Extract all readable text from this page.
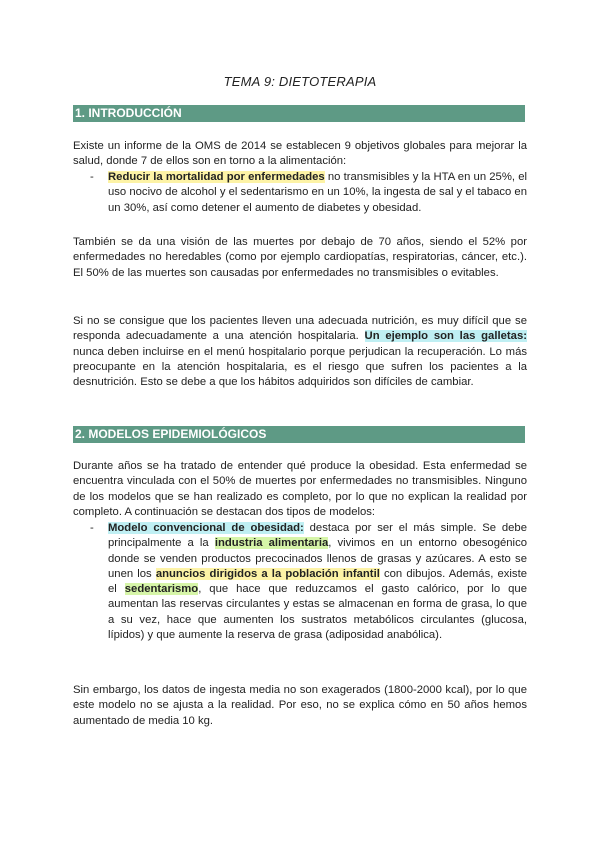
TEMA 9: DIETOTERAPIA
1. INTRODUCCIÓN

Existe un informe de la OMS de 2014 se establecen 9 objetivos globales para mejorar la salud, donde 7 de ellos son en torno a la alimentación:

- Reducir la mortalidad por enfermedades no transmisibles y la HTA en un 25%, el uso nocivo de alcohol y el sedentarismo en un 10%, la ingesta de sal y el tabaco en un 30%, así como detener el aumento de diabetes y obesidad.

También se da una visión de las muertes por debajo de 70 años, siendo el 52% por enfermedades no heredables (como por ejemplo cardiopatías, respiratorias, cáncer, etc.). El 50% de las muertes son causadas por enfermedades no transmisibles o evitables.

Si no se consigue que los pacientes lleven una adecuada nutrición, es muy difícil que se responda adecuadamente a una atención hospitalaria. Un ejemplo son las galletas: nunca deben incluirse en el menú hospitalario porque perjudican la recuperación. Lo más preocupante en la atención hospitalaria, es el riesgo que sufren los pacientes a la desnutrición. Esto se debe a que los hábitos adquiridos son difíciles de cambiar.

2. MODELOS EPIDEMIOLÓGICOS

Durante años se ha tratado de entender qué produce la obesidad. Esta enfermedad se encuentra vinculada con el 50% de muertes por enfermedades no transmisibles. Ninguno de los modelos que se han realizado es completo, por lo que no explican la realidad por completo. A continuación se destacan dos tipos de modelos:

- Modelo convencional de obesidad: destaca por ser el más simple. Se debe principalmente a la industria alimentaria, vivimos en un entorno obesogénico donde se venden productos precocinados llenos de grasas y azúcares. A esto se unen los anuncios dirigidos a la población infantil con dibujos. Además, existe el sedentarismo, que hace que reduzcamos el gasto calórico, por lo que aumentan las reservas circulantes y estas se almacenan en forma de grasa, lo que a su vez, hace que aumenten los sustratos metabólicos circulantes (glucosa, lípidos) y que aumente la reserva de grasa (adiposidad anabólica).

Sin embargo, los datos de ingesta media no son exagerados (1800-2000 kcal), por lo que este modelo no se ajusta a la realidad. Por eso, no se explica cómo en 50 años hemos aumentado de media 10 kg.
